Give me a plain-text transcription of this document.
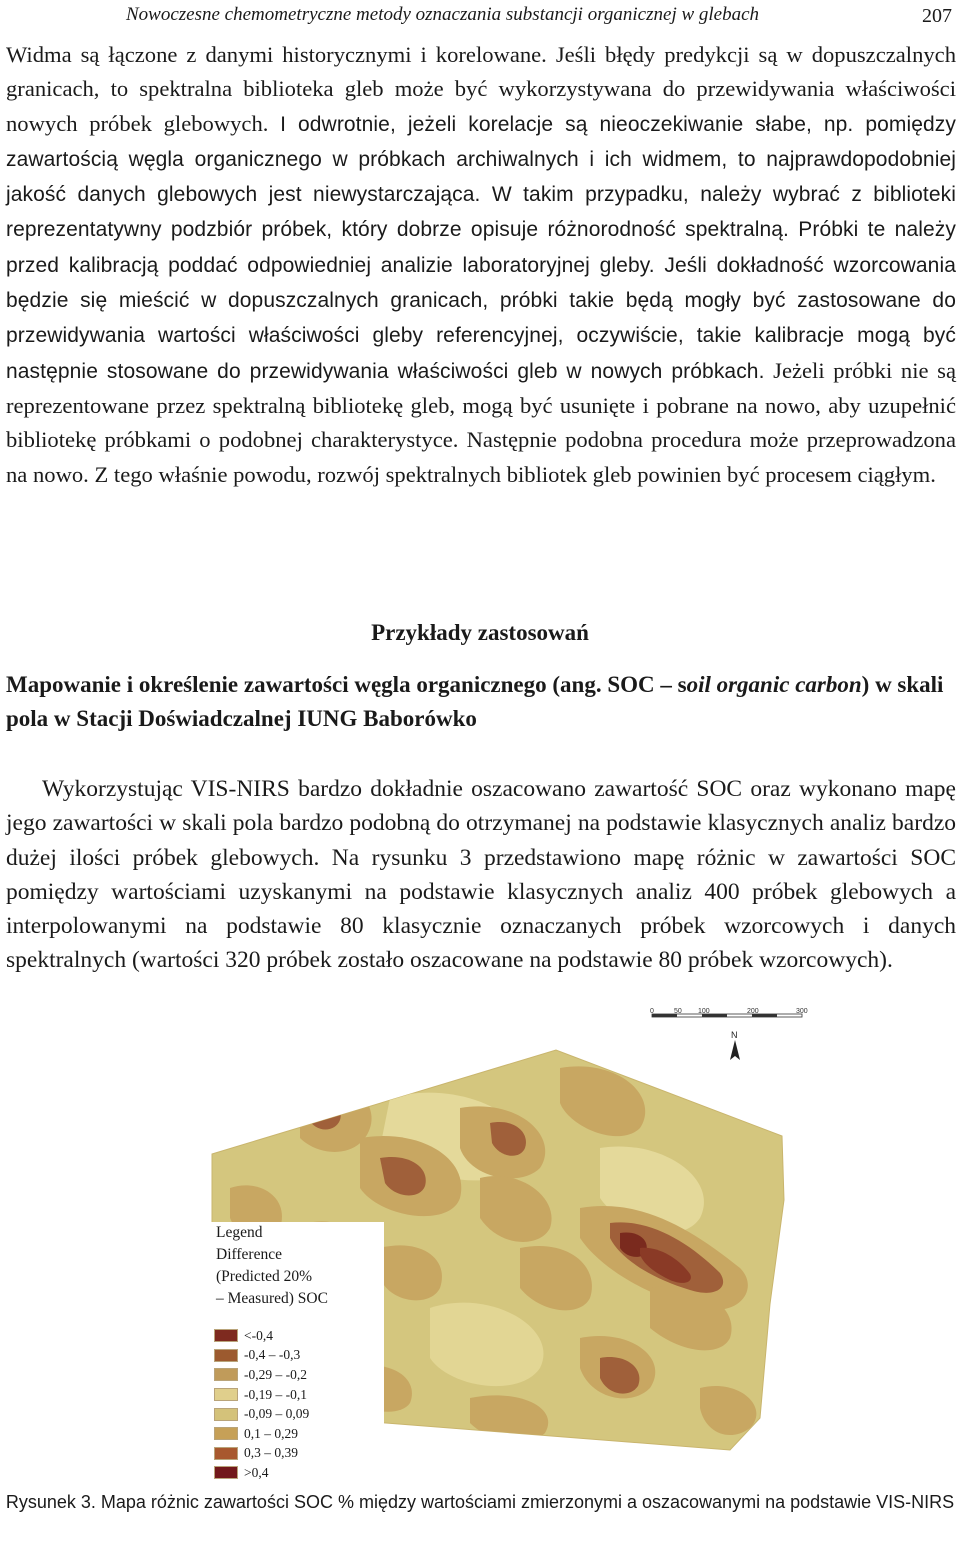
Nowoczesne chemometryczne metody oznaczania substancji organicznej w glebach	207

Widma są łączone z danymi historycznymi i korelowane. Jeśli błędy predykcji są w dopuszczalnych granicach, to spektralna biblioteka gleb może być wykorzystywana do przewidywania właściwości nowych próbek glebowych. I odwrotnie, jeżeli korelacje są nieoczekiwanie słabe, np. pomiędzy zawartością węgla organicznego w próbkach archiwalnych i ich widmem, to najprawdopodobniej jakość danych glebowych jest niewystarczająca. W takim przypadku, należy wybrać z biblioteki reprezentatywny podzbiór próbek, który dobrze opisuje różnorodność spektralną. Próbki te należy przed kalibracją poddać odpowiedniej analizie laboratoryjnej gleby. Jeśli dokładność wzorcowania będzie się mieścić w dopuszczalnych granicach, próbki takie będą mogły być zastosowane do przewidywania wartości właściwości gleby referencyjnej, oczywiście, takie kalibracje mogą być następnie stosowane do przewidywania właściwości gleb w nowych próbkach. Jeżeli próbki nie są reprezentowane przez spektralną bibliotekę gleb, mogą być usunięte i pobrane na nowo, aby uzupełnić bibliotekę próbkami o podobnej charakterystyce. Następnie podobna procedura może przeprowadzona na nowo. Z tego właśnie powodu, rozwój spektralnych bibliotek gleb powinien być procesem ciągłym.

Przykłady zastosowań
Mapowanie i określenie zawartości węgla organicznego (ang. SOC – soil organic carbon) w skali pola w Stacji Doświadczalnej IUNG Baborówko

Wykorzystując VIS-NIRS bardzo dokładnie oszacowano zawartość SOC oraz wykonano mapę jego zawartości w skali pola bardzo podobną do otrzymanej na podstawie klasycznych analiz bardzo dużej ilości próbek glebowych. Na rysunku 3 przedstawiono mapę różnic w zawartości SOC pomiędzy wartościami uzyskanymi na podstawie klasycznych analiz 400 próbek glebowych a interpolowanymi na podstawie 80 klasycznie oznaczanych próbek wzorcowych i danych spektralnych (wartości 320 próbek zostało oszacowane na podstawie 80 próbek wzorcowych).

N
Legend
Difference
(Predicted 20%
– Measured) SOC
<-0,4
-0,4 – -0,3
-0,29 – -0,2
-0,19 – -0,1
-0,09 – 0,09
0,1 – 0,29
0,3 – 0,39
>0,4
0	50 100	200	300

Rysunek 3. Mapa różnic zawartości SOC % między wartościami zmierzonymi a oszacowanymi na podstawie VIS-NIRS
